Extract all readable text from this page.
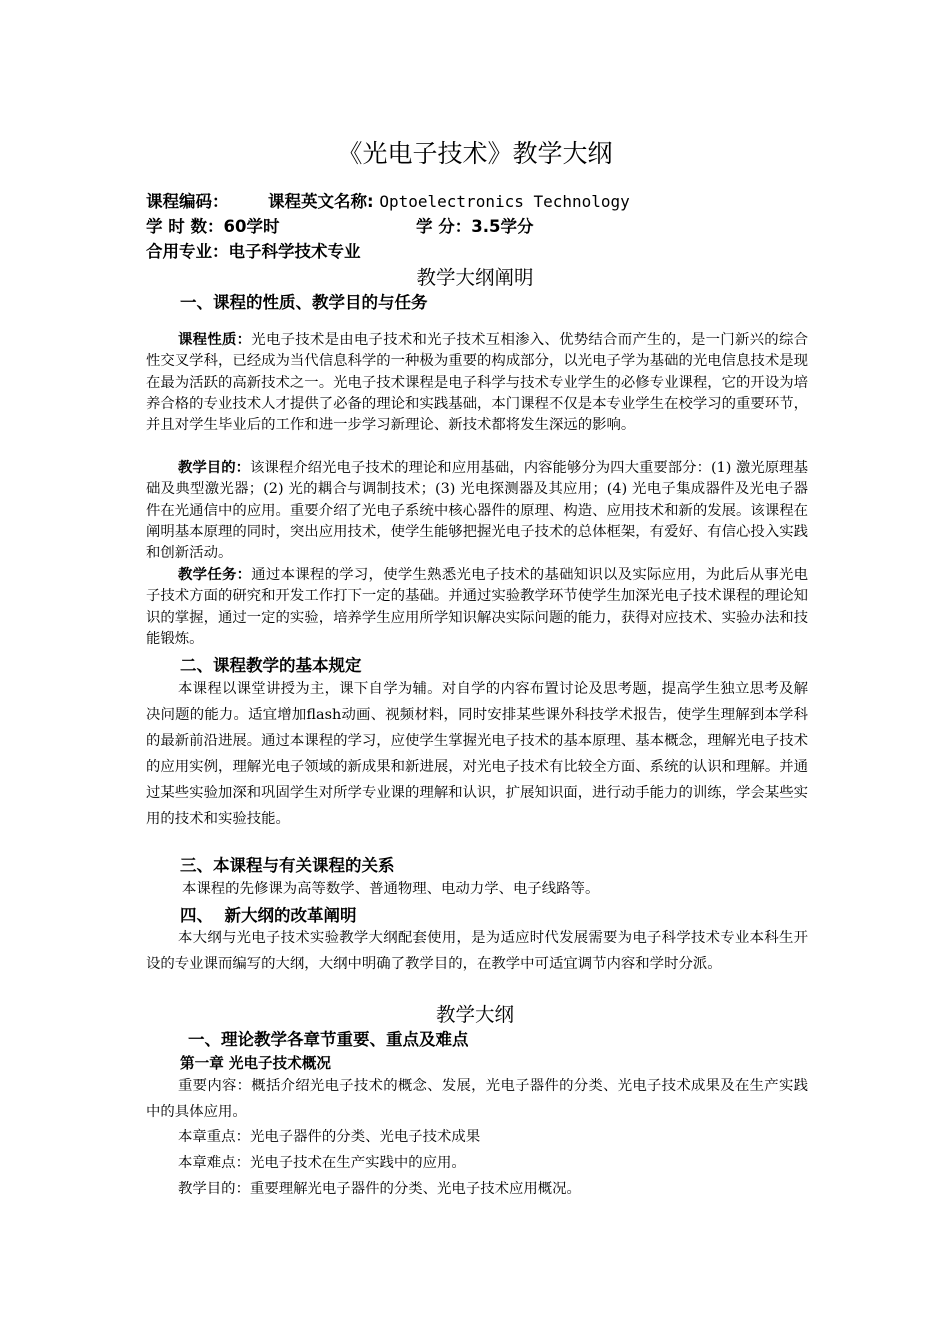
《光电子技术》教学大纲
课程编码： 课程英文名称: Optoelectronics Technology
学 时 数：60学时	学 分：3.5学分
合用专业：电子科学技术专业
教学大纲阐明
一、课程的性质、教学目的与任务
课程性质：光电子技术是由电子技术和光子技术互相渗入、优势结合而产生的，是一门新兴的综合性交叉学科，已经成为当代信息科学的一种极为重要的构成部分，以光电子学为基础的光电信息技术是现在最为活跃的高新技术之一。光电子技术课程是电子科学与技术专业学生的必修专业课程，它的开设为培养合格的专业技术人才提供了必备的理论和实践基础，本门课程不仅是本专业学生在校学习的重要环节，并且对学生毕业后的工作和进一步学习新理论、新技术都将发生深远的影响。
教学目的：该课程介绍光电子技术的理论和应用基础，内容能够分为四大重要部分：(1) 激光原理基础及典型激光器；(2) 光的耦合与调制技术；(3) 光电探测器及其应用；(4) 光电子集成器件及光电子器件在光通信中的应用。重要介绍了光电子系统中核心器件的原理、构造、应用技术和新的发展。该课程在阐明基本原理的同时，突出应用技术，使学生能够把握光电子技术的总体框架，有爱好、有信心投入实践和创新活动。
教学任务：通过本课程的学习，使学生熟悉光电子技术的基础知识以及实际应用，为此后从事光电子技术方面的研究和开发工作打下一定的基础。并通过实验教学环节使学生加深光电子技术课程的理论知识的掌握，通过一定的实验，培养学生应用所学知识解决实际问题的能力，获得对应技术、实验办法和技能锻炼。
二、课程教学的基本规定
本课程以课堂讲授为主，课下自学为辅。对自学的内容布置讨论及思考题，提高学生独立思考及解决问题的能力。适宜增加flash动画、视频材料，同时安排某些课外科技学术报告，使学生理解到本学科的最新前沿进展。通过本课程的学习，应使学生掌握光电子技术的基本原理、基本概念，理解光电子技术的应用实例，理解光电子领域的新成果和新进展，对光电子技术有比较全方面、系统的认识和理解。并通过某些实验加深和巩固学生对所学专业课的理解和认识，扩展知识面，进行动手能力的训练，学会某些实用的技术和实验技能。
三、本课程与有关课程的关系
本课程的先修课为高等数学、普通物理、电动力学、电子线路等。
四、  新大纲的改革阐明
本大纲与光电子技术实验教学大纲配套使用，是为适应时代发展需要为电子科学技术专业本科生开设的专业课而编写的大纲，大纲中明确了教学目的，在教学中可适宜调节内容和学时分派。
教学大纲
一、理论教学各章节重要、重点及难点
第一章 光电子技术概况
重要内容：概括介绍光电子技术的概念、发展，光电子器件的分类、光电子技术成果及在生产实践中的具体应用。
本章重点：光电子器件的分类、光电子技术成果
本章难点：光电子技术在生产实践中的应用。
教学目的：重要理解光电子器件的分类、光电子技术应用概况。
